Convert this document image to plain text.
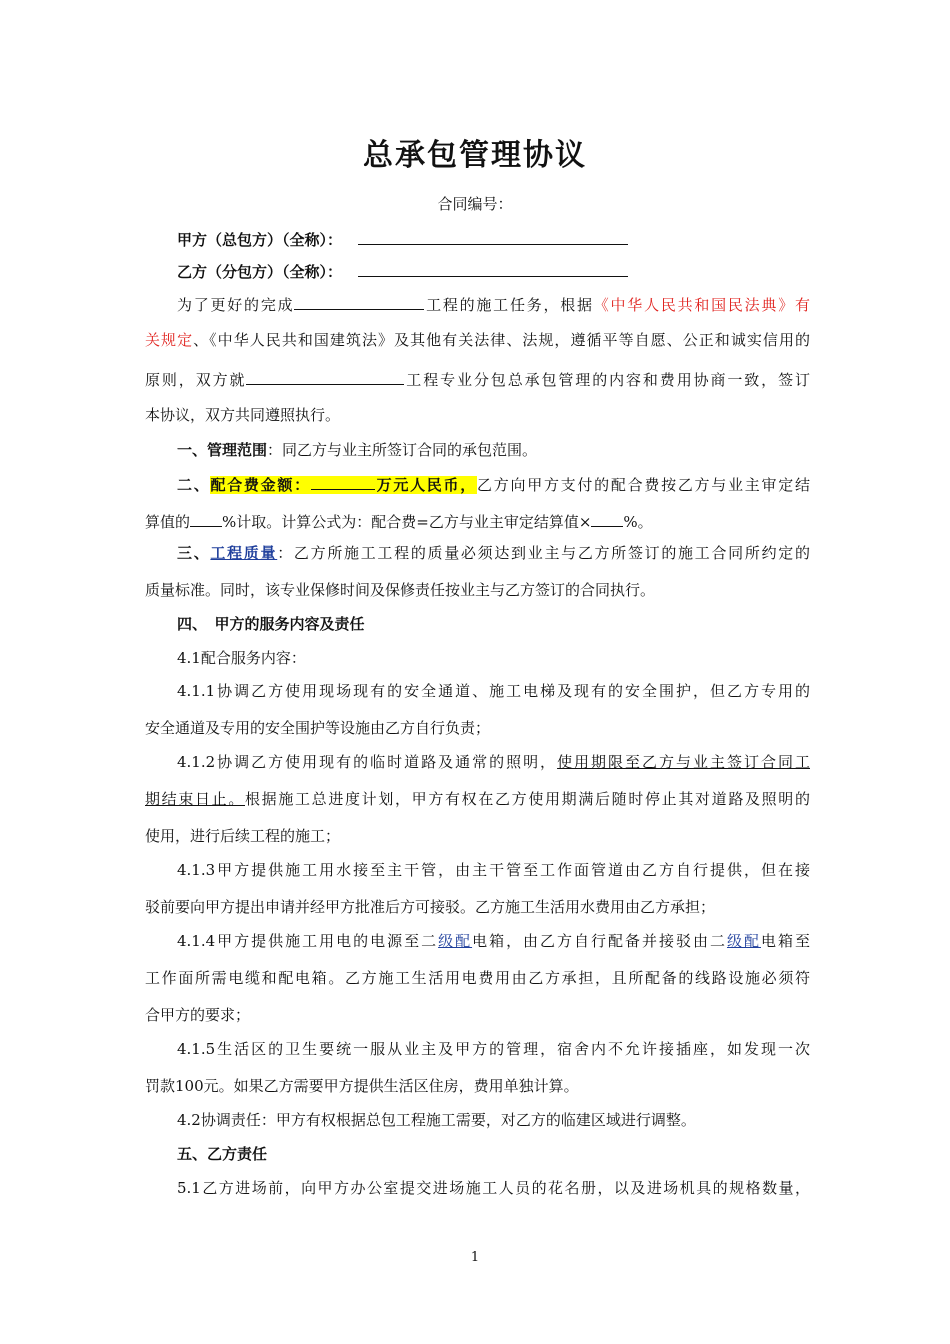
总承包管理协议
合同编号：
甲方（总包方）（全称）：
乙方（分包方）（全称）：
为了更好的完成	工程的施工任务，根据《中华人民共和国民法典》有
关规定、《中华人民共和国建筑法》及其他有关法律、法规，遵循平等自愿、公正和诚实信用的
原则，双方就	工程专业分包总承包管理的内容和费用协商一致，签订
本协议，双方共同遵照执行。
一、管理范围：同乙方与业主所签订合同的承包范围。
二、配合费金额：	万元人民币，乙方向甲方支付的配合费按乙方与业主审定结
算值的 %计取。计算公式为：配合费=乙方与业主审定结算值× %。
三、工程质量：乙方所施工工程的质量必须达到业主与乙方所签订的施工合同所约定的
质量标准。同时，该专业保修时间及保修责任按业主与乙方签订的合同执行。
四、　甲方的服务内容及责任
4.1配合服务内容：
4.1.1协调乙方使用现场现有的安全通道、施工电梯及现有的安全围护，但乙方专用的
安全通道及专用的安全围护等设施由乙方自行负责；
4.1.2协调乙方使用现有的临时道路及通常的照明，使用期限至乙方与业主签订合同工
期结束日止。根据施工总进度计划，甲方有权在乙方使用期满后随时停止其对道路及照明的
使用，进行后续工程的施工；
4.1.3甲方提供施工用水接至主干管，由主干管至工作面管道由乙方自行提供，但在接
驳前要向甲方提出申请并经甲方批准后方可接驳。乙方施工生活用水费用由乙方承担；
4.1.4甲方提供施工用电的电源至二级配电箱，由乙方自行配备并接驳由二级配电箱至
工作面所需电缆和配电箱。乙方施工生活用电费用由乙方承担，且所配备的线路设施必须符
合甲方的要求；
4.1.5生活区的卫生要统一服从业主及甲方的管理，宿舍内不允许接插座，如发现一次
罚款100元。如果乙方需要甲方提供生活区住房，费用单独计算。
4.2协调责任：甲方有权根据总包工程施工需要，对乙方的临建区域进行调整。
五、乙方责任
5.1乙方进场前，向甲方办公室提交进场施工人员的花名册，以及进场机具的规格数量，
1
